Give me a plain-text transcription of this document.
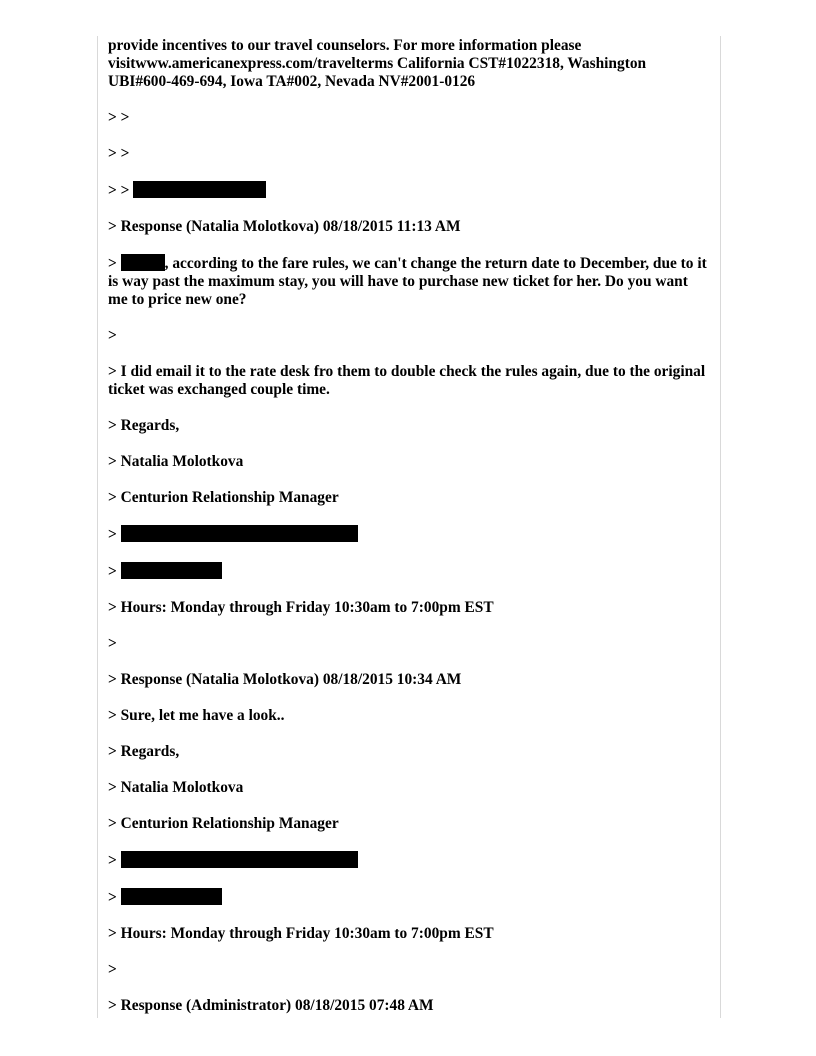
provide incentives to our travel counselors. For more information please visitwww.americanexpress.com/travelterms California CST#1022318, Washington UBI#600-469-694, Iowa TA#002, Nevada NV#2001-0126

> >

> >

> >

> Response (Natalia Molotkova) 08/18/2015 11:13 AM

>	, according to the fare rules, we can't change the return date to December, due to it is way past the maximum stay, you will have to purchase new ticket for her. Do you want me to price new one?

>

> I did email it to the rate desk fro them to double check the rules again, due to the original ticket was exchanged couple time.

> Regards,

> Natalia Molotkova

> Centurion Relationship Manager

>

>

> Hours: Monday through Friday 10:30am to 7:00pm EST

>

> Response (Natalia Molotkova) 08/18/2015 10:34 AM

> Sure, let me have a look..

> Regards,

> Natalia Molotkova

> Centurion Relationship Manager

>

>

> Hours: Monday through Friday 10:30am to 7:00pm EST

>

> Response (Administrator) 08/18/2015 07:48 AM
